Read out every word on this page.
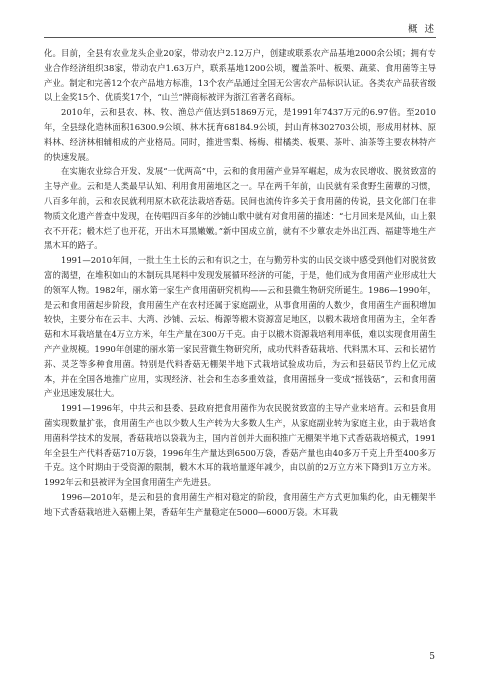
概 述

化。目前，全县有农业龙头企业20家，带动农户2.12万户，创建或联系农产品基地2000余公顷；拥有专业合作经济组织38家，带动农户1.63万户，联系基地1200公顷，覆盖茶叶、板栗、蔬菜、食用菌等主导产业。制定和完善12个农产品地方标准，13个农产品通过全国无公害农产品标识认证。各类农产品获省级以上金奖15个、优质奖17个，“山兰”牌商标被评为浙江省著名商标。

2010年，云和县农、林、牧、渔总产值达到51869万元，是1991年7437万元的6.97倍。至2010年，全县绿化造林面积16300.9公顷、林木抚育68184.9公顷，封山育林302703公顷，形成用材林、原料林、经济林相辅相成的产业格局。同时，推进雪梨、杨梅、柑橘类、板栗、茶叶、油茶等主要农林特产的快速发展。

在实施农业综合开发、发展“一优两高”中，云和的食用菌产业异军崛起，成为农民增收、脱贫致富的主导产业。云和是人类最早认知、利用食用菌地区之一。早在两千年前，山民就有采食野生菌蕈的习惯，八百多年前，云和农民就利用原木砍花法栽培香菇。民间也流传许多关于食用菌的传说，县文化部门在非物质文化遗产普查中发现，在传唱四百多年的沙铺山歌中就有对食用菌的描述：“七月回来是风仙，山上狠衣不开花；椴木烂了也开花，开出木耳黑嫩嫩。”新中国成立前，就有不少蕈农走外出江西、福建等地生产黑木耳的路子。

1991—2010年间，一批土生土长的云和有识之士，在与勤劳朴实的山民交谈中感受到他们对脱贫致富的渴望，在堆积如山的木制玩具尾料中发现发展循环经济的可能，于是，他们成为食用菌产业形成壮大的领军人物。1982年，丽水第一家生产食用菌研究机构——云和县微生物研究所诞生。1986—1990年，是云和食用菌起步阶段，食用菌生产在农村还属于家庭副业，从事食用菌的人数少，食用菌生产面积增加较快，主要分布在云丰、大湾、沙铺、云坛、梅源等椴木资源富足地区，以椴木栽培食用菌为主，全年香菇和木耳栽培量在4万立方米，年生产量在300万千克。由于以椴木资源栽培利用率低，难以实现食用菌生产产业规模。1990年创建的丽水第一家民营微生物研究所，成功代料香菇栽培、代料黑木耳、云和长裙竹荪、灵芝等多种食用菌。特别是代料香菇无棚架半地下式栽培试验成功后，为云和县菇民节约上亿元成本，并在全国各地推广应用，实现经济、社会和生态多重效益，食用菌摇身一变成“摇钱菇”，云和食用菌产业迅速发展壮大。

1991—1996年，中共云和县委、县政府把食用菌作为农民脱贫致富的主导产业来培育。云和县食用菌实现数量扩张，食用菌生产也以少数人生产转为大多数人生产，从家庭副业转为家庭主业，由于栽培食用菌科学技术的发展，香菇栽培以袋栽为主，国内首创并大面积推广无棚架半地下式香菇栽培模式，1991年全县生产代料香菇710万袋，1996年生产量达到6500万袋，香菇产量也由40多万千克上升至400多万千克。这个时期由于受资源的限制，椴木木耳的栽培量逐年减少，由以前的2万立方米下降到1万立方米。1992年云和县被评为全国食用菌生产先进县。

1996—2010年，是云和县的食用菌生产相对稳定的阶段，食用菌生产方式更加集约化，由无棚架半地下式香菇栽培进入菇棚上架，香菇年生产量稳定在5000—6000万袋。木耳栽

5
